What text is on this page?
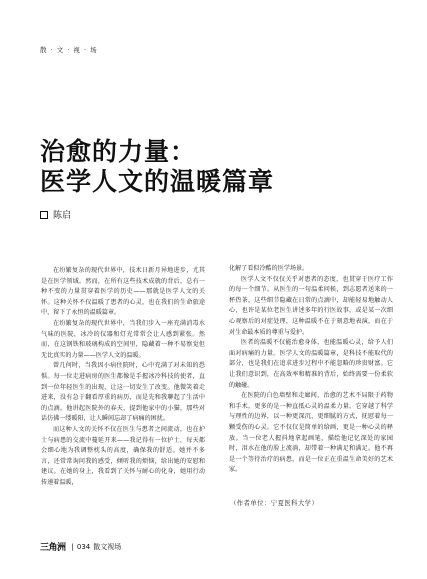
散 · 文 · 视 · 场
治愈的力量：
医学人文的温暖篇章
陈启

在纷繁复杂的现代世界中，技术日新月异地进步，尤其是在医学领域。然而，在所有这些技术成就的背后，总有一种不变的力量贯穿着医学的历史——那就是医学人文的关怀。这种关怀不仅温暖了患者的心灵，也在我们的生命旅途中，留下了永恒的温暖篇章。

在纷繁复杂的现代世界中，当我们步入一座充满消毒水气味的医院，冰冷的仪器和灯光常常会让人感到紧张。然而，在这钢铁和玻璃构成的空间里，隐藏着一种不易察觉但无比真实的力量——医学人文的温暖。

曾几何时，当我因小病住院时，心中充满了对未知的恐惧。每一位走进病房的医生都像是手握冰冷科技的使者，直到一位年轻医生的出现，让这一切发生了改变。他微笑着走进来，没有急于翻看厚重的病历，而是先和我聊起了生活中的点滴。他讲起医院外的春天，提到他家中的小猫，那些对话仿佛一缕暖阳，让人瞬间忘却了病痛的困扰。

而这种人文的关怀不仅在医生与患者之间流动，也在护士与病患的交流中蔓延开来——我记得有一位护士，每天都会细心地为我调整枕头的高度，确保我的舒适。她并不多言，还常常询问我的感受，倾听我的烦恼，给出她的安慰和建议。在她的身上，我看到了关怀与耐心的化身，她用行动传递着温暖，

化解了看似冷酷的医学场景。

医学人文不仅仅关乎对患者的态度，也贯穿于医疗工作的每一个细节。从医生的一句温柔问候，到志愿者送来的一杯热茶，这些细节隐藏在日常的点滴中，却能轻易地触动人心，也许是某位老医生讲述多年的行医故事，或是某一次细心观察后的对症处理，这种温暖不在于刻意地表演，而在于对生命最本质的尊重与爱护。

医者的温暖不仅能治愈身体，也能温暖心灵，给予人们面对病痛的力量。医学人文的温暖篇章，是科技不能取代的部分，也是我们在追求进步过程中不能忽略的珍贵财富。它让我们意识到，在高效率和精准的背后，始终需要一份柔软的触碰。

在医院的白色墙壁和走廊间，治愈的艺术不局限于药物和手术，更多的是一种直抵心灵的温柔力量。它穿越了科学与理性的边界，以一种更深沉、更细腻的方式，抚慰着每一颗受伤的心灵。它不仅仅是简单的给画，更是一种心灵的释放。当一位老人握抖地拿起画笔，描绘他记忆深处的家园时，泪水在他的脸上流淌，却带着一种满足和满足。他不再是一个等待治疗的病患，而是一位正在重温生命美好的艺术家。

（作者单位：宁夏医科大学）
三角洲 | 034 散文视场
